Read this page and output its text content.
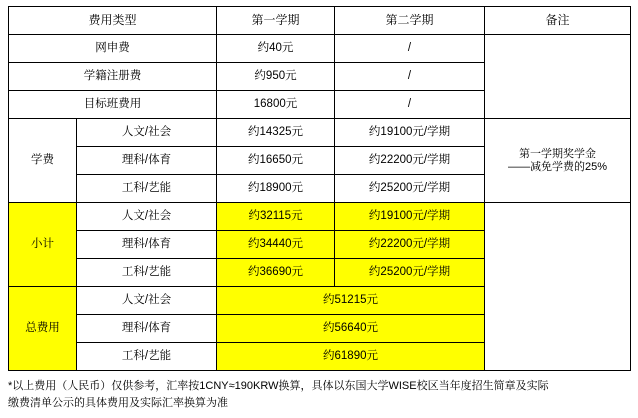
费用类型		第一学期	第二学期	备注
网申费		约40元	/	
学籍注册费		约950元	/	
目标班费用		16800元	/	
学费	人文/社会	约14325元	约19100元/学期	第一学期奖学金
——减免学费的25%

	理科/体育	约16650元	约22200元/学期	
	工科/艺能	约18900元	约25200元/学期	
小计	人文/社会	约32115元	约19100元/学期	
	理科/体育	约34440元	约22200元/学期	
	工科/艺能	约36690元	约25200元/学期	
总费用	人文/社会	约51215元		
	理科/体育	约56640元		
	工科/艺能	约61890元		
*以上费用（人民币）仅供参考，汇率按1CNY≈190KRW换算，具体以东国大学WISE校区当年度招生简章及实际
缴费清单公示的具体费用及实际汇率换算为准
